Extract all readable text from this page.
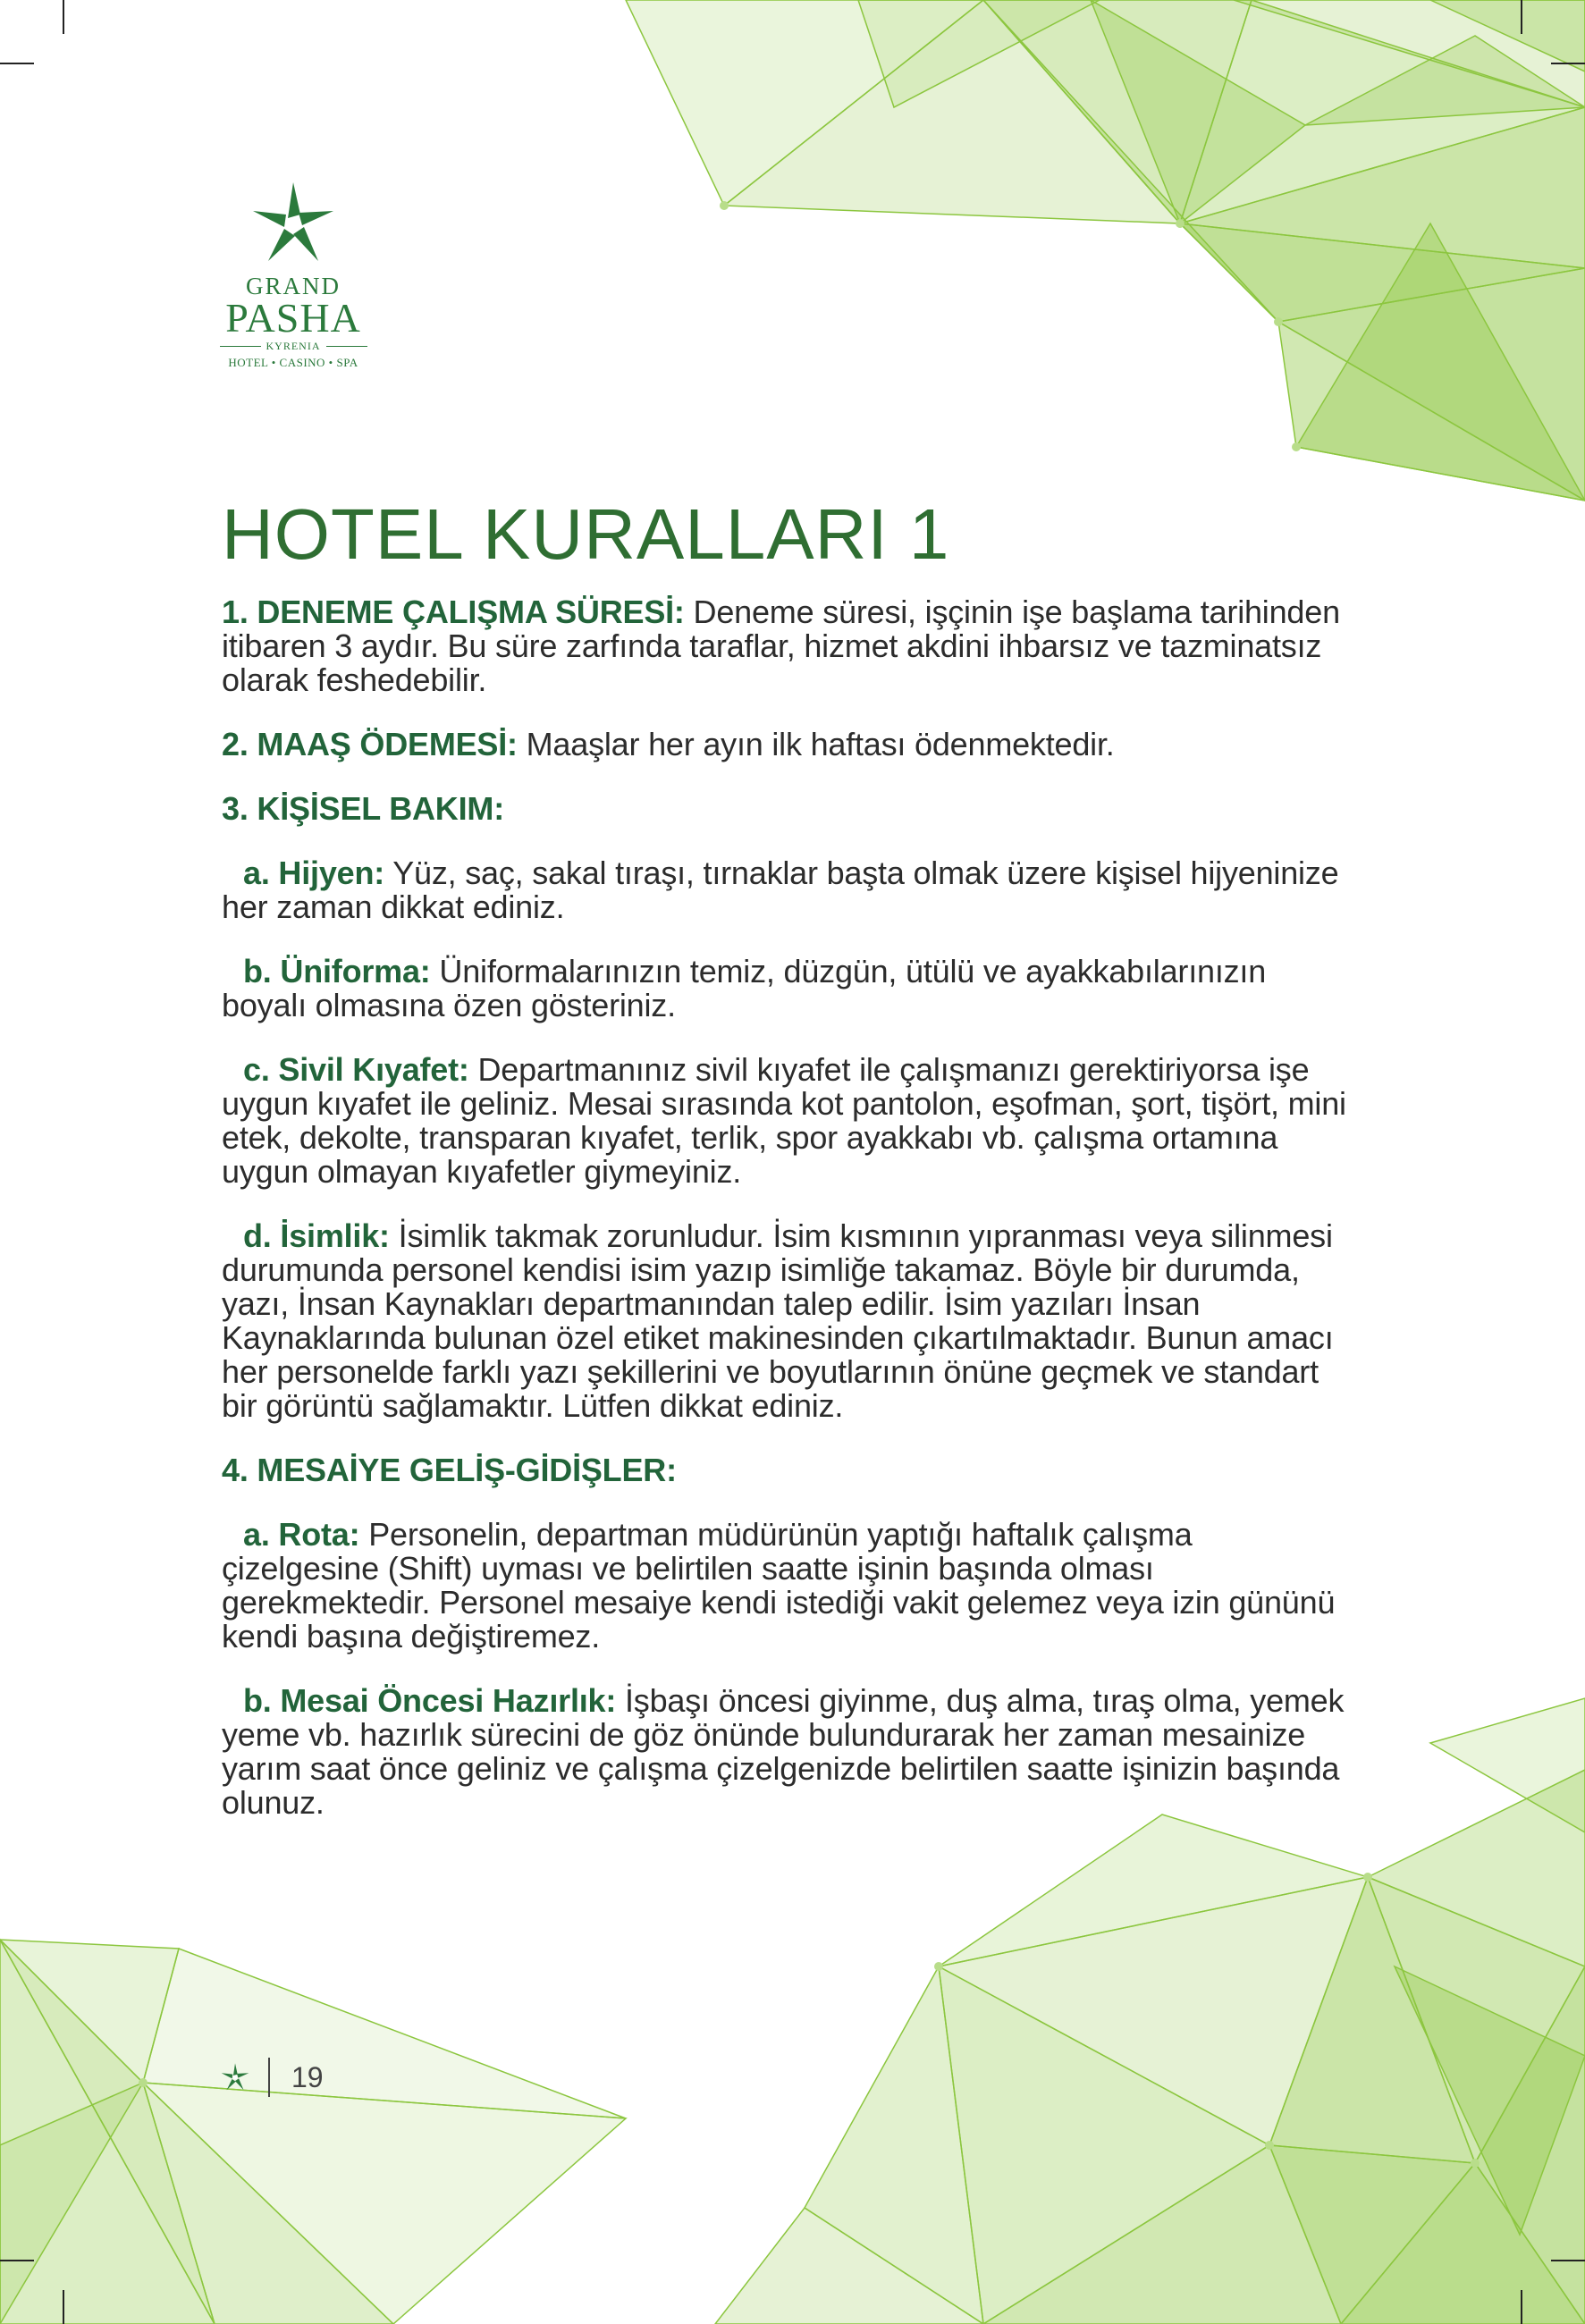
GRAND
PASHA
KYRENIA
HOTEL • CASINO • SPA
HOTEL KURALLARI 1

1. DENEME ÇALIŞMA SÜRESİ: Deneme süresi, işçinin işe başlama tarihinden itibaren 3 aydır. Bu süre zarfında taraflar, hizmet akdini ihbarsız ve tazminatsız olarak feshedebilir.

2. MAAŞ ÖDEMESİ: Maaşlar her ayın ilk haftası ödenmektedir.

3. KİŞİSEL BAKIM:

a. Hijyen: Yüz, saç, sakal tıraşı, tırnaklar başta olmak üzere kişisel hijyeninize her zaman dikkat ediniz.

b. Üniforma: Üniformalarınızın temiz, düzgün, ütülü ve ayakkabılarınızın boyalı olmasına özen gösteriniz.

c. Sivil Kıyafet: Departmanınız sivil kıyafet ile çalışmanızı gerektiriyorsa işe uygun kıyafet ile geliniz. Mesai sırasında kot pantolon, eşofman, şort, tişört, mini etek, dekolte, transparan kıyafet, terlik, spor ayakkabı vb. çalışma ortamına uygun olmayan kıyafetler giymeyiniz.

d. İsimlik: İsimlik takmak zorunludur. İsim kısmının yıpranması veya silinmesi durumunda personel kendisi isim yazıp isimliğe takamaz. Böyle bir durumda, yazı, İnsan Kaynakları departmanından talep edilir. İsim yazıları İnsan Kaynaklarında bulunan özel etiket makinesinden çıkartılmaktadır. Bunun amacı her personelde farklı yazı şekillerini ve boyutlarının önüne geçmek ve standart bir görüntü sağlamaktır. Lütfen dikkat ediniz.

4. MESAİYE GELİŞ-GİDİŞLER:

a. Rota: Personelin, departman müdürünün yaptığı haftalık çalışma çizelgesine (Shift) uyması ve belirtilen saatte işinin başında olması gerekmektedir. Personel mesaiye kendi istediği vakit gelemez veya izin gününü kendi başına değiştiremez.

b. Mesai Öncesi Hazırlık: İşbaşı öncesi giyinme, duş alma, tıraş olma, yemek yeme vb. hazırlık sürecini de göz önünde bulundurarak her zaman mesainize yarım saat önce geliniz ve çalışma çizelgenizde belirtilen saatte işinizin başında olunuz.

19
